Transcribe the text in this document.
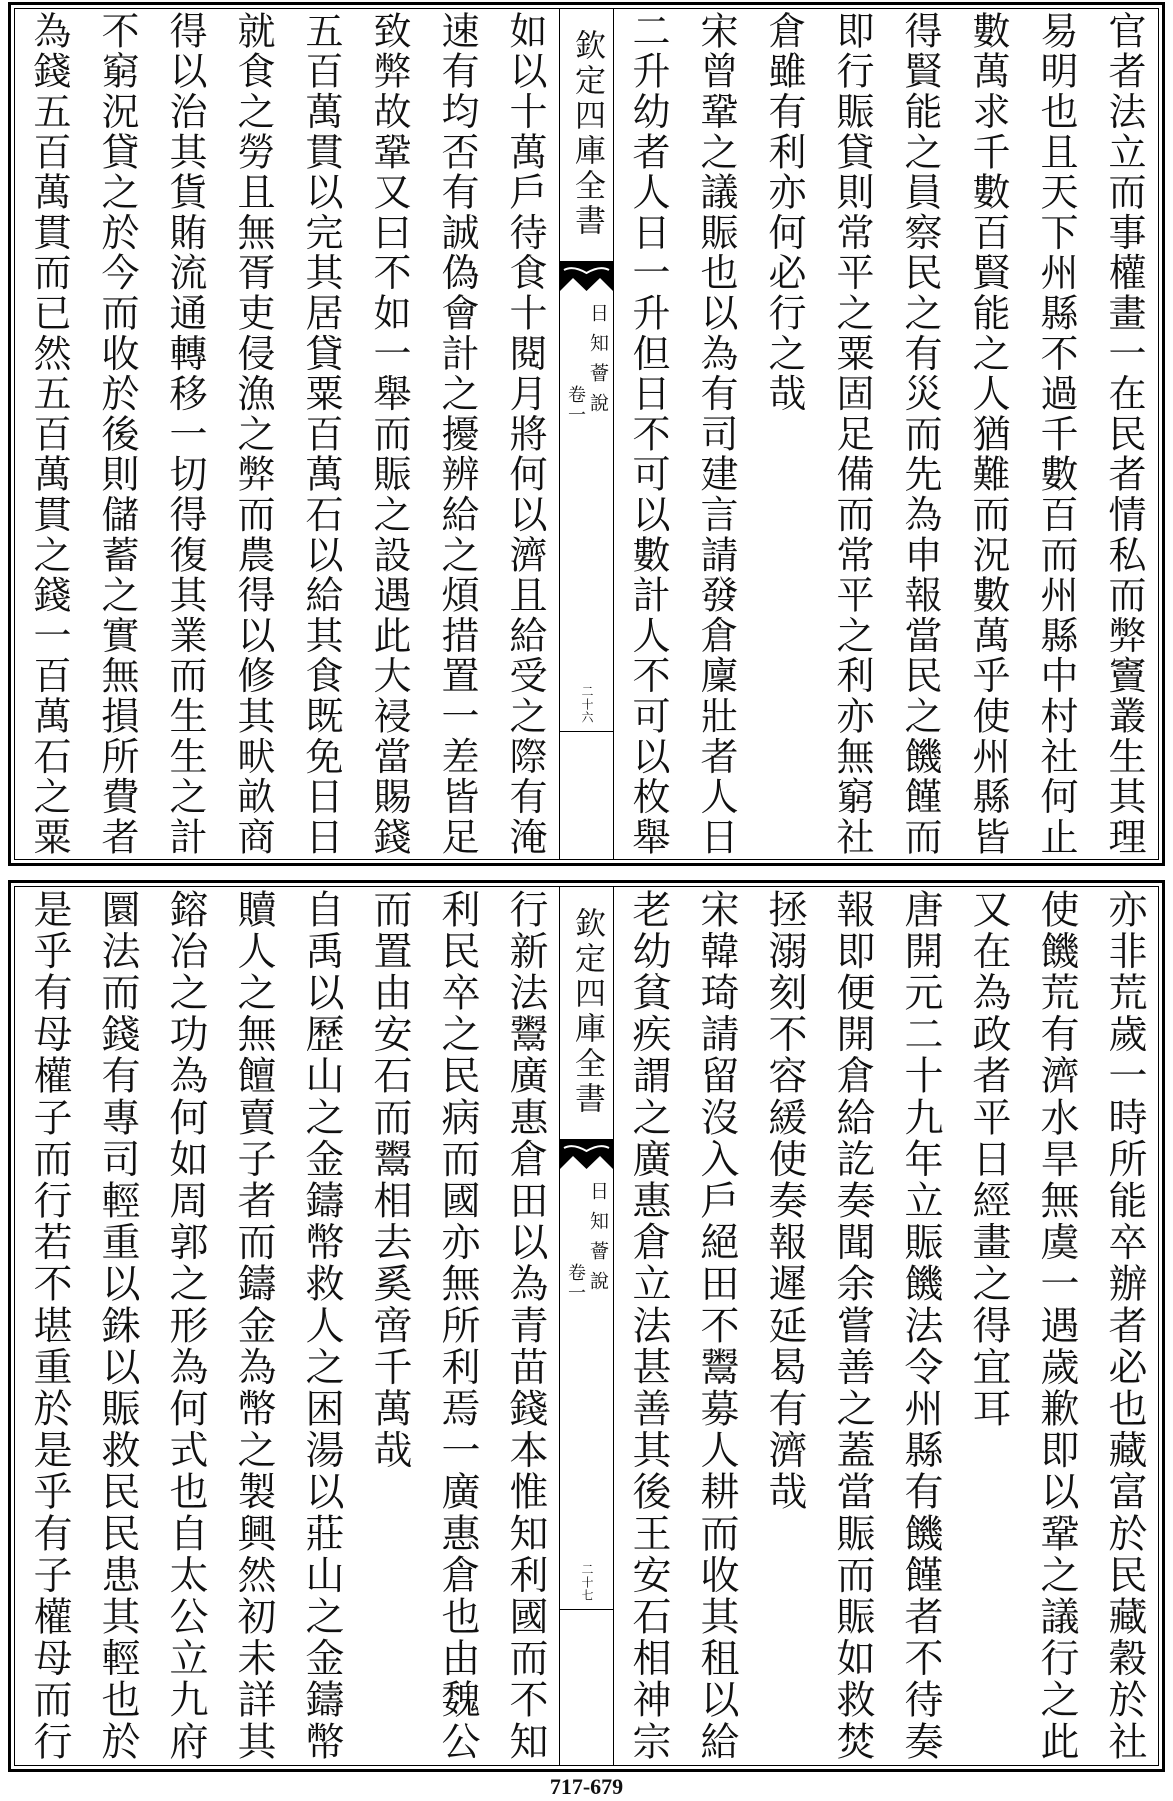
官者法立而事權畫一在民者情私而弊竇叢生其理
易明也且天下州縣不過千數百而州縣中村社何止
數萬求千數百賢能之人猶難而況數萬乎使州縣皆
得賢能之員察民之有災而先為申報當民之饑饉而
即行賑貸則常平之粟固足備而常平之利亦無窮社
倉雖有利亦何必行之哉
宋曾鞏之議賑也以為有司建言請發倉廩壯者人日
二升幼者人日一升但日不可以數計人不可以枚舉
欽定四庫全書
日知薈說
卷一
二十六
如以十萬戶待食十閱月將何以濟且給受之際有淹
速有均否有誠偽會計之擾辨給之煩措置一差皆足
致弊故鞏又曰不如一舉而賑之設遇此大祲當賜錢
五百萬貫以完其居貸粟百萬石以給其食既免日日
就食之勞且無胥吏侵漁之弊而農得以修其畎畝商
得以治其貨賄流通轉移一切得復其業而生生之計
不窮況貸之於今而收於後則儲蓄之實無損所費者
為錢五百萬貫而已然五百萬貫之錢一百萬石之粟
亦非荒歲一時所能卒辦者必也藏富於民藏穀於社
使饑荒有濟水旱無虞一遇歲歉即以鞏之議行之此
又在為政者平日經畫之得宜耳
唐開元二十九年立賑饑法令州縣有饑饉者不待奏
報即便開倉給訖奏聞余嘗善之蓋當賑而賑如救焚
拯溺刻不容緩使奏報遲延曷有濟哉
宋韓琦請留沒入戶絕田不鬻募人耕而收其租以給
老幼貧疾謂之廣惠倉立法甚善其後王安石相神宗
欽定四庫全書
日知薈說
卷一
二十七
行新法鬻廣惠倉田以為青苗錢本惟知利國而不知
利民卒之民病而國亦無所利焉一廣惠倉也由魏公
而置由安石而鬻相去奚啻千萬哉
自禹以歷山之金鑄幣救人之困湯以莊山之金鑄幣
贖人之無饘賣子者而鑄金為幣之製興然初未詳其
鎔冶之功為何如周郭之形為何式也自太公立九府
圜法而錢有專司輕重以銖以賑救民民患其輕也於
是乎有母權子而行若不堪重於是乎有子權母而行
717-679
